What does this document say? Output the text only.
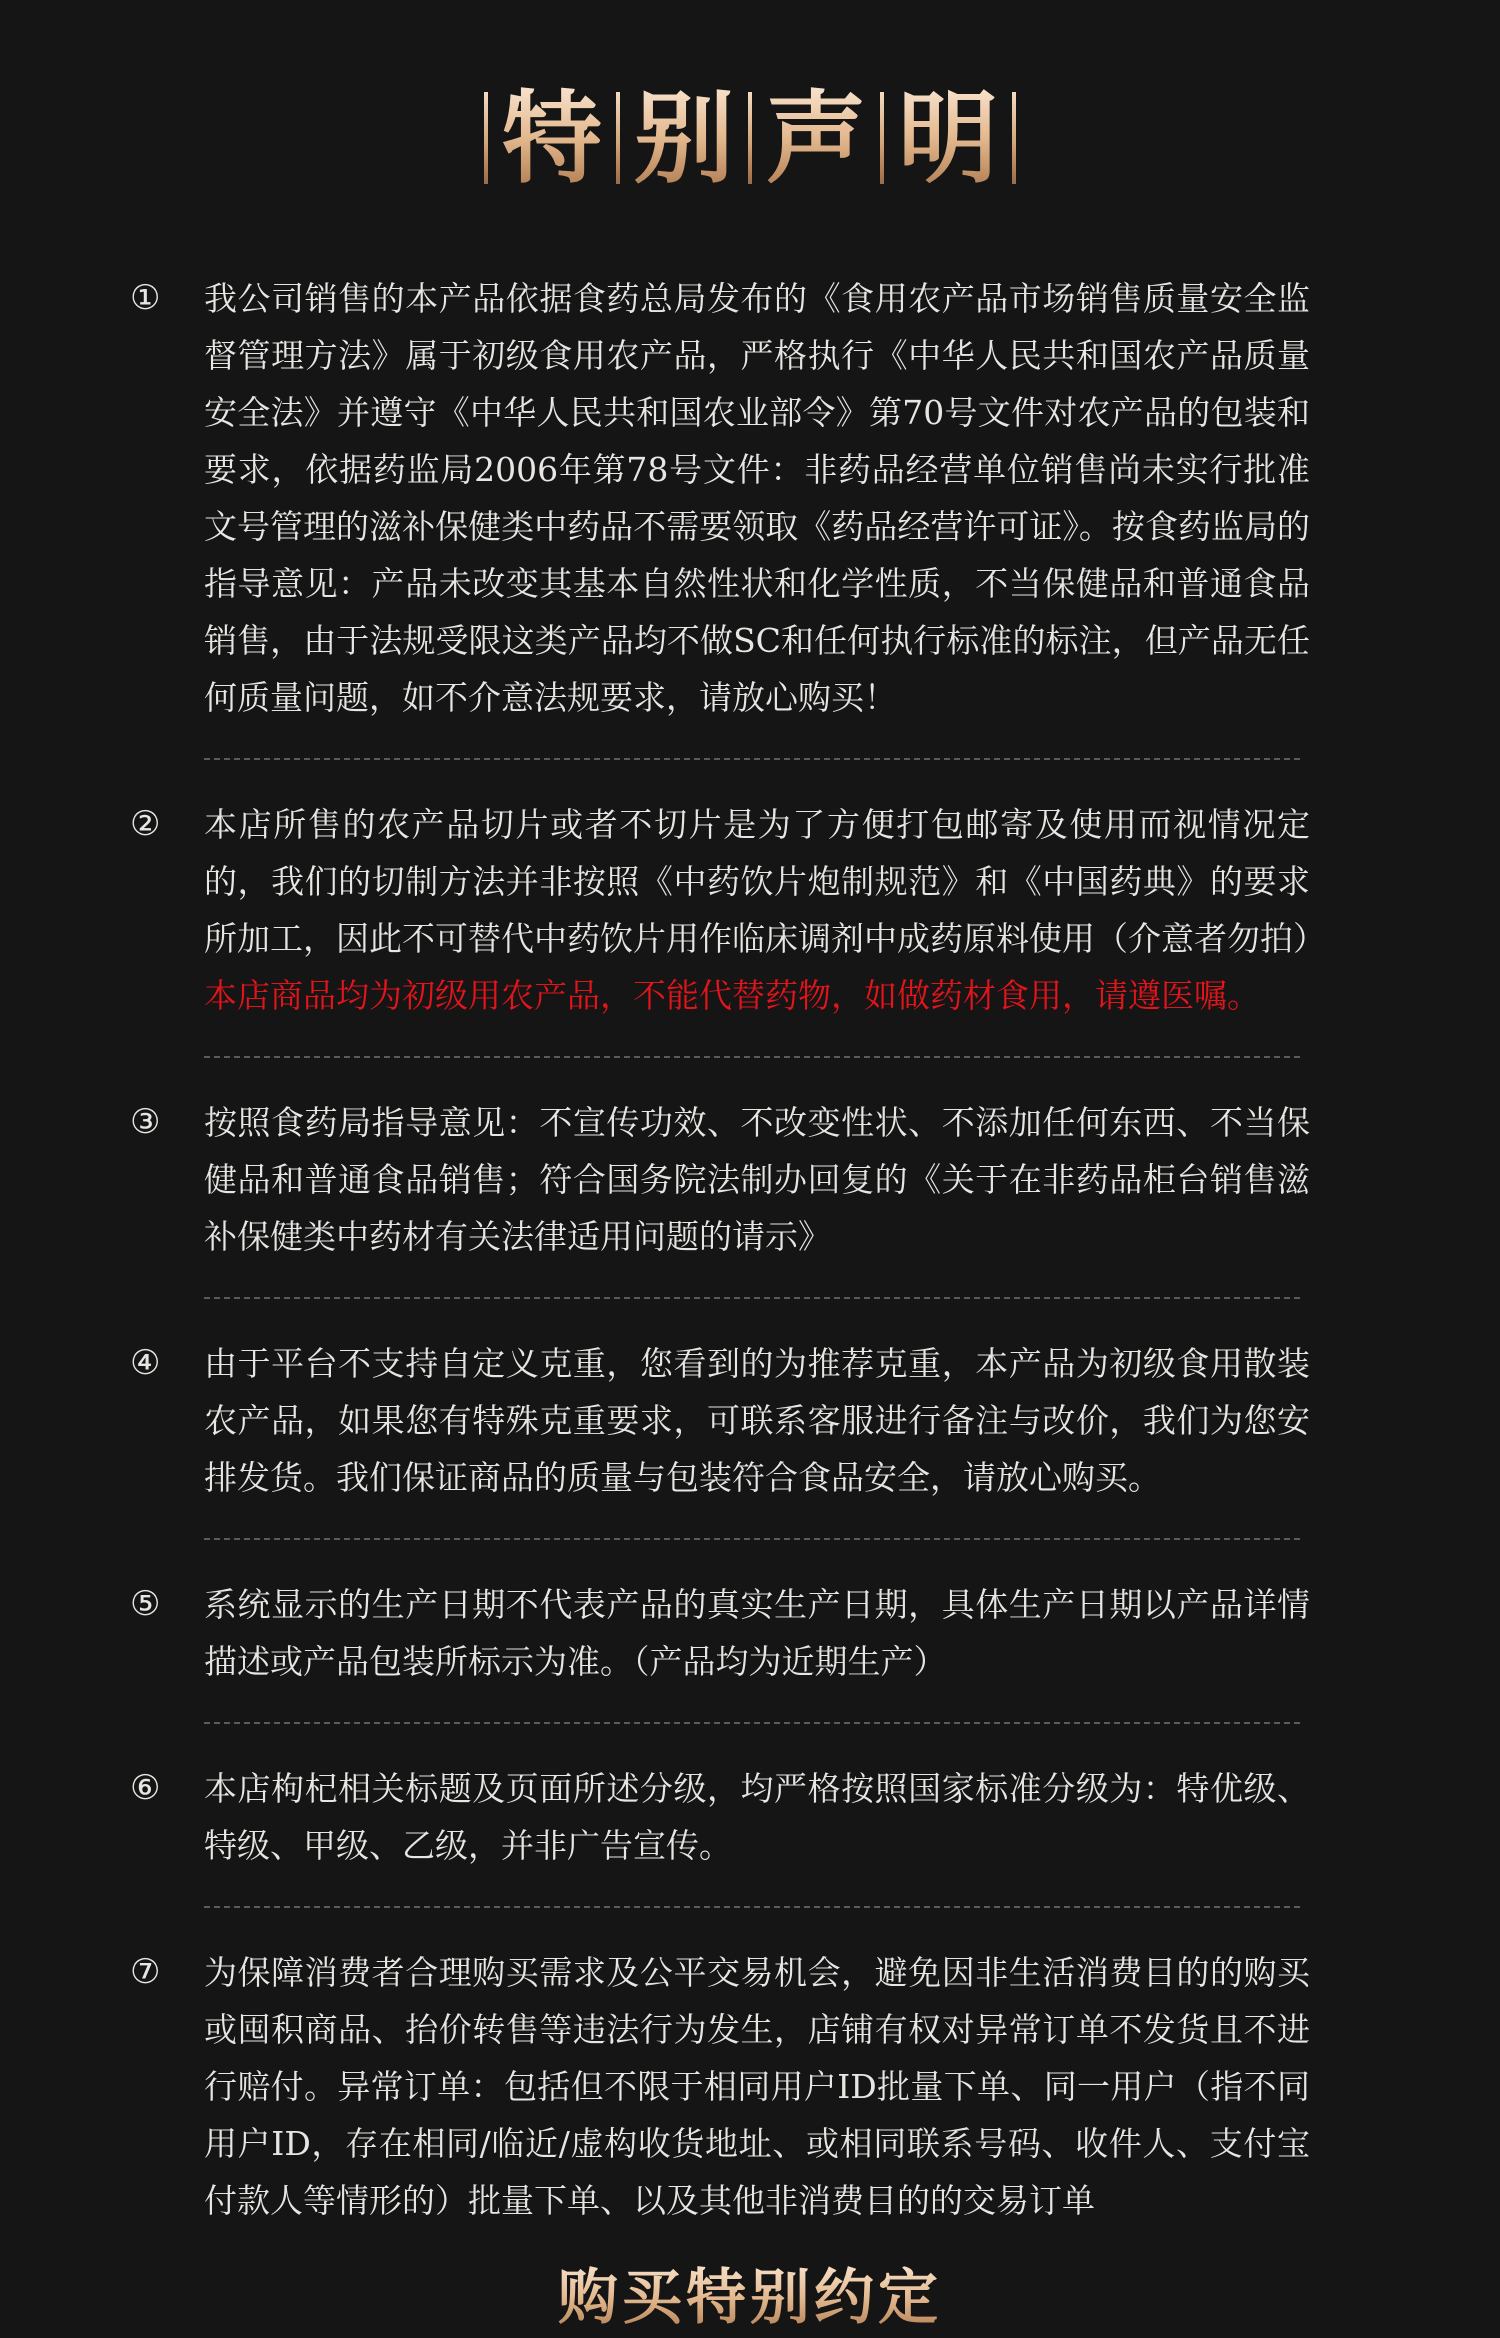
特 别 声 明
①	我公司销售的本产品依据食药总局发布的《食用农产品市场销售质量安全监督管理方法》属于初级食用农产品，严格执行《中华人民共和国农产品质量安全法》并遵守《中华人民共和国农业部令》第70号文件对农产品的包装和要求，依据药监局2006年第78号文件：非药品经营单位销售尚未实行批准文号管理的滋补保健类中药品不需要领取《药品经营许可证》。按食药监局的指导意见：产品未改变其基本自然性状和化学性质，不当保健品和普通食品销售，由于法规受限这类产品均不做SC和任何执行标准的标注，但产品无任何质量问题，如不介意法规要求，请放心购买！

②	本店所售的农产品切片或者不切片是为了方便打包邮寄及使用而视情况定的，我们的切制方法并非按照《中药饮片炮制规范》和《中国药典》的要求所加工，因此不可替代中药饮片用作临床调剂中成药原料使用（介意者勿拍）

本店商品均为初级用农产品，不能代替药物，如做药材食用，请遵医嘱。

③	按照食药局指导意见：不宣传功效、不改变性状、不添加任何东西、不当保健品和普通食品销售；符合国务院法制办回复的《关于在非药品柜台销售滋补保健类中药材有关法律适用问题的请示》

④	由于平台不支持自定义克重，您看到的为推荐克重，本产品为初级食用散装农产品，如果您有特殊克重要求，可联系客服进行备注与改价，我们为您安排发货。我们保证商品的质量与包装符合食品安全，请放心购买。

⑤	系统显示的生产日期不代表产品的真实生产日期，具体生产日期以产品详情描述或产品包装所标示为准。（产品均为近期生产）

⑥	本店枸杞相关标题及页面所述分级，均严格按照国家标准分级为：特优级、特级、甲级、乙级，并非广告宣传。

⑦	为保障消费者合理购买需求及公平交易机会，避免因非生活消费目的的购买或囤积商品、抬价转售等违法行为发生，店铺有权对异常订单不发货且不进行赔付。异常订单：包括但不限于相同用户ID批量下单、同一用户（指不同用户ID，存在相同/临近/虚构收货地址、或相同联系号码、收件人、支付宝付款人等情形的）批量下单、以及其他非消费目的的交易订单

购买特别约定
